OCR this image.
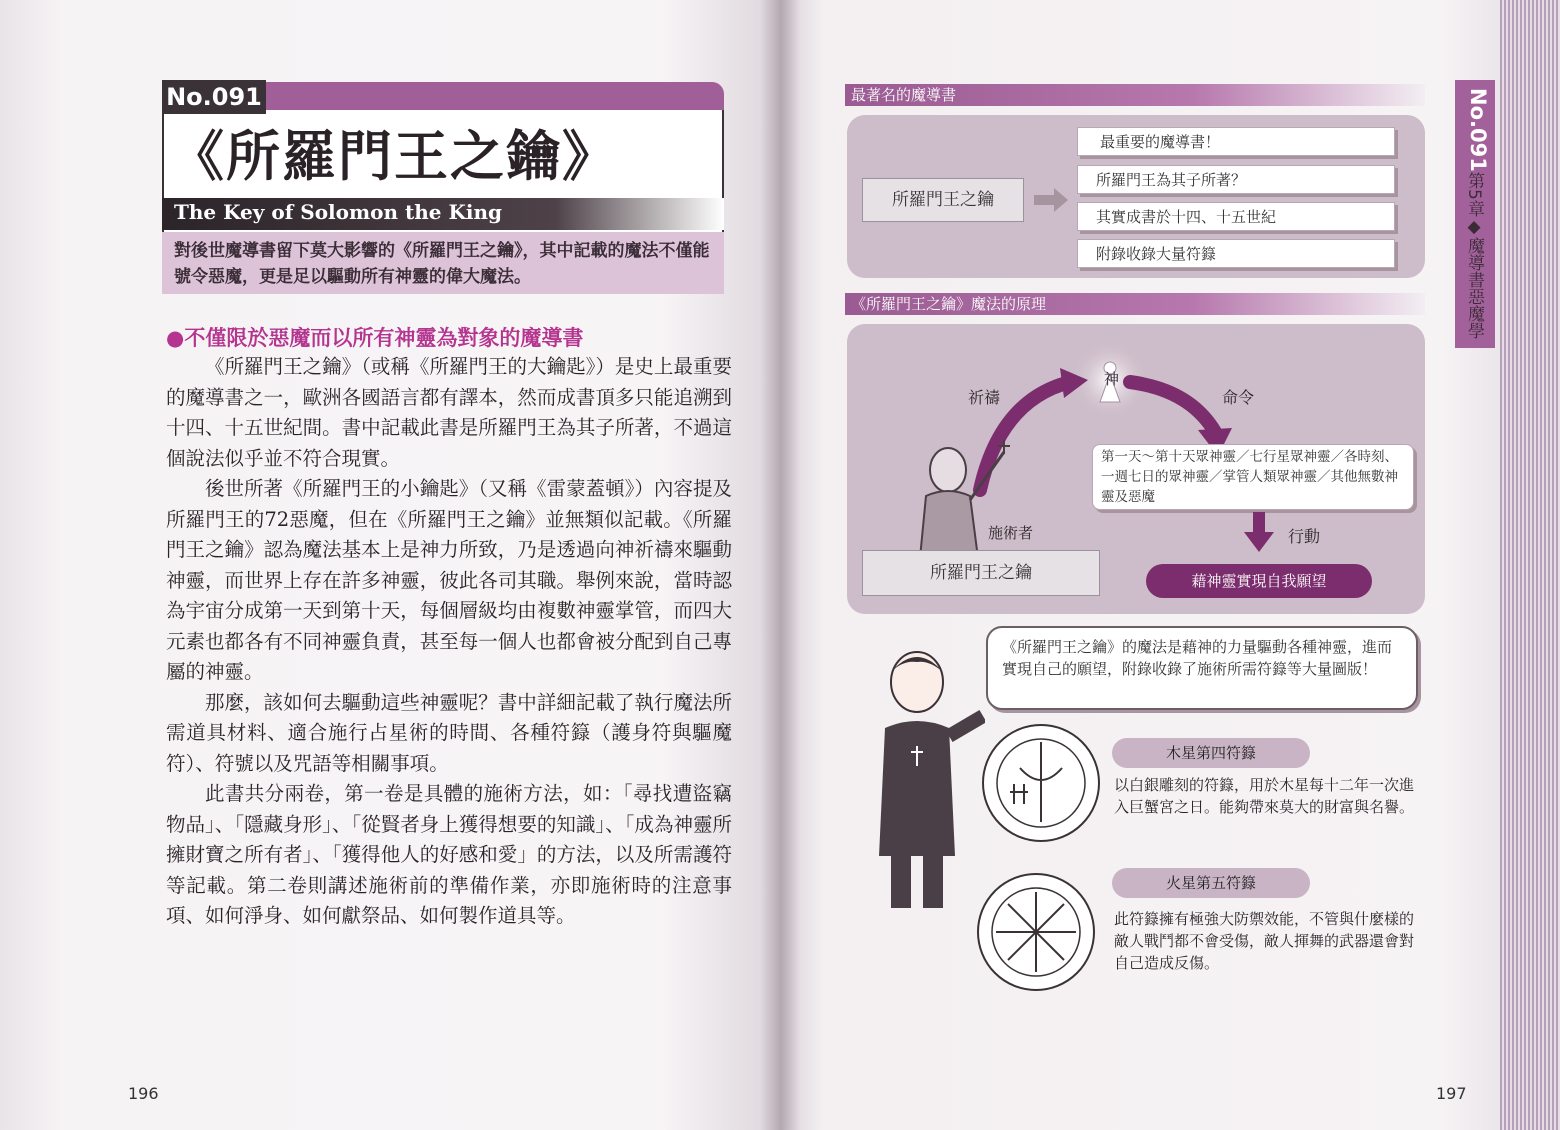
No.091
《所羅門王之鑰》
The Key of Solomon the King

對後世魔導書留下莫大影響的《所羅門王之鑰》，其中記載的魔法不僅能號令惡魔，更是足以驅動所有神靈的偉大魔法。

●不僅限於惡魔而以所有神靈為對象的魔導書

《所羅門王之鑰》（或稱《所羅門王的大鑰匙》）是史上最重要的魔導書之一，歐洲各國語言都有譯本，然而成書頂多只能追溯到十四、十五世紀間。書中記載此書是所羅門王為其子所著，不過這個說法似乎並不符合現實。

後世所著《所羅門王的小鑰匙》（又稱《雷蒙蓋頓》）內容提及所羅門王的72惡魔，但在《所羅門王之鑰》並無類似記載。《所羅門王之鑰》認為魔法基本上是神力所致，乃是透過向神祈禱來驅動神靈，而世界上存在許多神靈，彼此各司其職。舉例來說，當時認為宇宙分成第一天到第十天，每個層級均由複數神靈掌管，而四大元素也都各有不同神靈負責，甚至每一個人也都會被分配到自己專屬的神靈。

那麼，該如何去驅動這些神靈呢？書中詳細記載了執行魔法所需道具材料、適合施行占星術的時間、各種符籙（護身符與驅魔符）、符號以及咒語等相關事項。

此書共分兩卷，第一卷是具體的施術方法，如：「尋找遭盜竊物品」、「隱藏身形」、「從賢者身上獲得想要的知識」、「成為神靈所擁財寶之所有者」、「獲得他人的好感和愛」的方法，以及所需護符等記載。第二卷則講述施術前的準備作業，亦即施術時的注意事項、如何淨身、如何獻祭品、如何製作道具等。

196
No.091
第5章◆魔導書惡魔學
最著名的魔導書
所羅門王之鑰
最重要的魔導書！
所羅門王為其子所著？
其實成書於十四、十五世紀
附錄收錄大量符籙
《所羅門王之鑰》魔法的原理
神
祈禱	命令
第一天～第十天眾神靈／七行星眾神靈／各時刻、一週七日的眾神靈／掌管人類眾神靈／其他無數神靈及惡魔
施術者
所羅門王之鑰
行動
藉神靈實現自我願望
《所羅門王之鑰》的魔法是藉神的力量驅動各種神靈，進而實現自己的願望，附錄收錄了施術所需符籙等大量圖版！
木星第四符籙
以白銀雕刻的符籙，用於木星每十二年一次進入巨蟹宮之日。能夠帶來莫大的財富與名譽。
火星第五符籙
此符籙擁有極強大防禦效能，不管與什麼樣的敵人戰鬥都不會受傷，敵人揮舞的武器還會對自己造成反傷。
197
